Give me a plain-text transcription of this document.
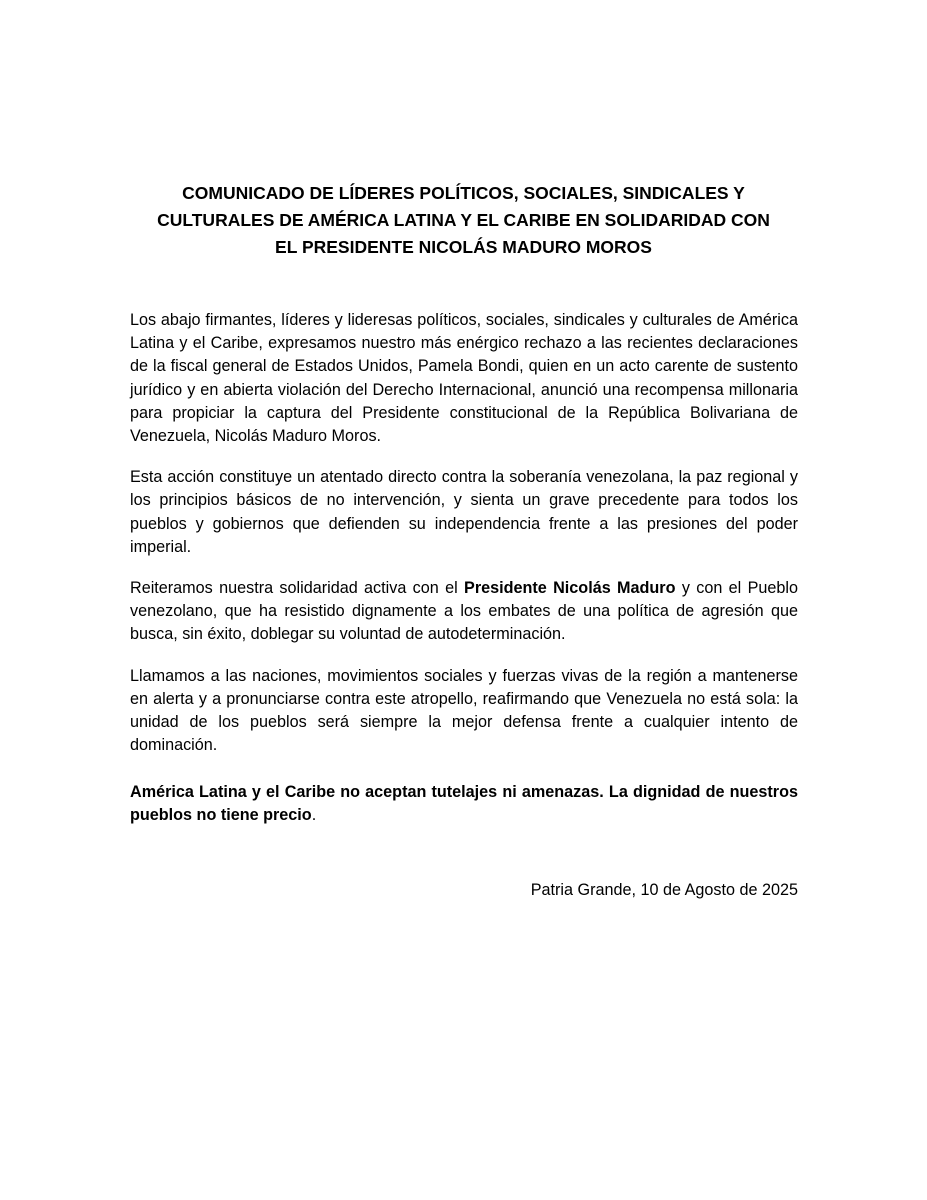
COMUNICADO DE LÍDERES POLÍTICOS, SOCIALES, SINDICALES Y
CULTURALES DE AMÉRICA LATINA Y EL CARIBE EN SOLIDARIDAD CON
EL PRESIDENTE NICOLÁS MADURO MOROS

Los abajo firmantes, líderes y lideresas políticos, sociales, sindicales y culturales de América Latina y el Caribe, expresamos nuestro más enérgico rechazo a las recientes declaraciones de la fiscal general de Estados Unidos, Pamela Bondi, quien en un acto carente de sustento jurídico y en abierta violación del Derecho Internacional, anunció una recompensa millonaria para propiciar la captura del Presidente constitucional de la República Bolivariana de Venezuela, Nicolás Maduro Moros.

Esta acción constituye un atentado directo contra la soberanía venezolana, la paz regional y los principios básicos de no intervención, y sienta un grave precedente para todos los pueblos y gobiernos que defienden su independencia frente a las presiones del poder imperial.

Reiteramos nuestra solidaridad activa con el Presidente Nicolás Maduro y con el Pueblo venezolano, que ha resistido dignamente a los embates de una política de agresión que busca, sin éxito, doblegar su voluntad de autodeterminación.

Llamamos a las naciones, movimientos sociales y fuerzas vivas de la región a mantenerse en alerta y a pronunciarse contra este atropello, reafirmando que Venezuela no está sola: la unidad de los pueblos será siempre la mejor defensa frente a cualquier intento de dominación.

América Latina y el Caribe no aceptan tutelajes ni amenazas. La dignidad de nuestros pueblos no tiene precio.

Patria Grande, 10 de Agosto de 2025
